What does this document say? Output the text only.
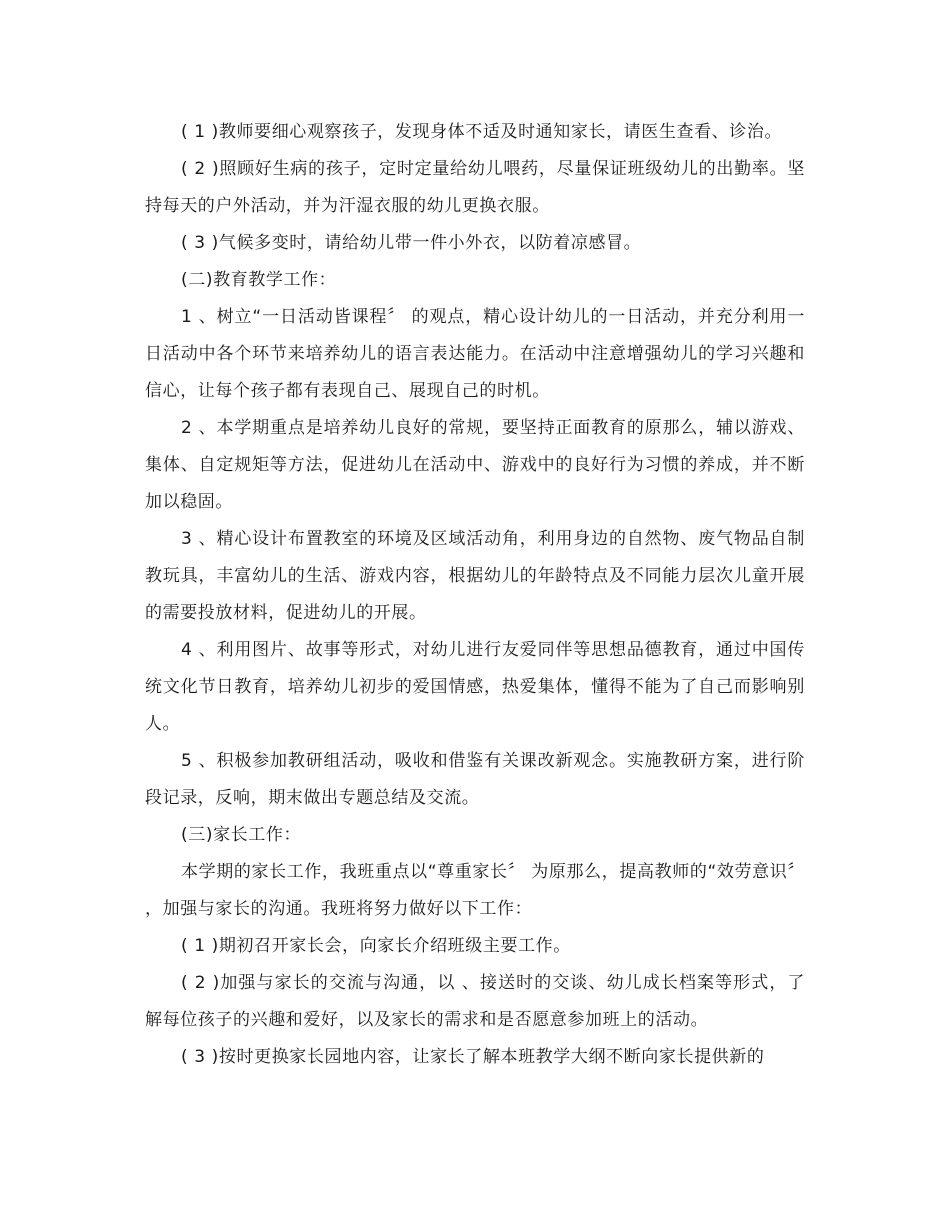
( 1 )教师要细心观察孩子，发现身体不适及时通知家长，请医生查看、诊治。

( 2 )照顾好生病的孩子，定时定量给幼儿喂药，尽量保证班级幼儿的出勤率。坚持每天的户外活动，并为汗湿衣服的幼儿更换衣服。

( 3 )气候多变时，请给幼儿带一件小外衣，以防着凉感冒。

(二)教育教学工作：

1 、树立“一日活动皆课程〞 的观点，精心设计幼儿的一日活动，并充分利用一日活动中各个环节来培养幼儿的语言表达能力。在活动中注意增强幼儿的学习兴趣和信心，让每个孩子都有表现自己、展现自己的时机。

2 、本学期重点是培养幼儿良好的常规，要坚持正面教育的原那么，辅以游戏、集体、自定规矩等方法，促进幼儿在活动中、游戏中的良好行为习惯的养成，并不断加以稳固。

3 、精心设计布置教室的环境及区域活动角，利用身边的自然物、废气物品自制教玩具，丰富幼儿的生活、游戏内容，根据幼儿的年龄特点及不同能力层次儿童开展的需要投放材料，促进幼儿的开展。

4 、利用图片、故事等形式，对幼儿进行友爱同伴等思想品德教育，通过中国传统文化节日教育，培养幼儿初步的爱国情感，热爱集体，懂得不能为了自己而影响别人。

5 、积极参加教研组活动，吸收和借鉴有关课改新观念。实施教研方案，进行阶段记录，反响，期末做出专题总结及交流。

(三)家长工作：

本学期的家长工作，我班重点以“尊重家长〞 为原那么，提高教师的“效劳意识〞 ，加强与家长的沟通。我班将努力做好以下工作：

( 1 )期初召开家长会，向家长介绍班级主要工作。

( 2 )加强与家长的交流与沟通，以 、接送时的交谈、幼儿成长档案等形式，了解每位孩子的兴趣和爱好，以及家长的需求和是否愿意参加班上的活动。

( 3 )按时更换家长园地内容，让家长了解本班教学大纲不断向家长提供新的
